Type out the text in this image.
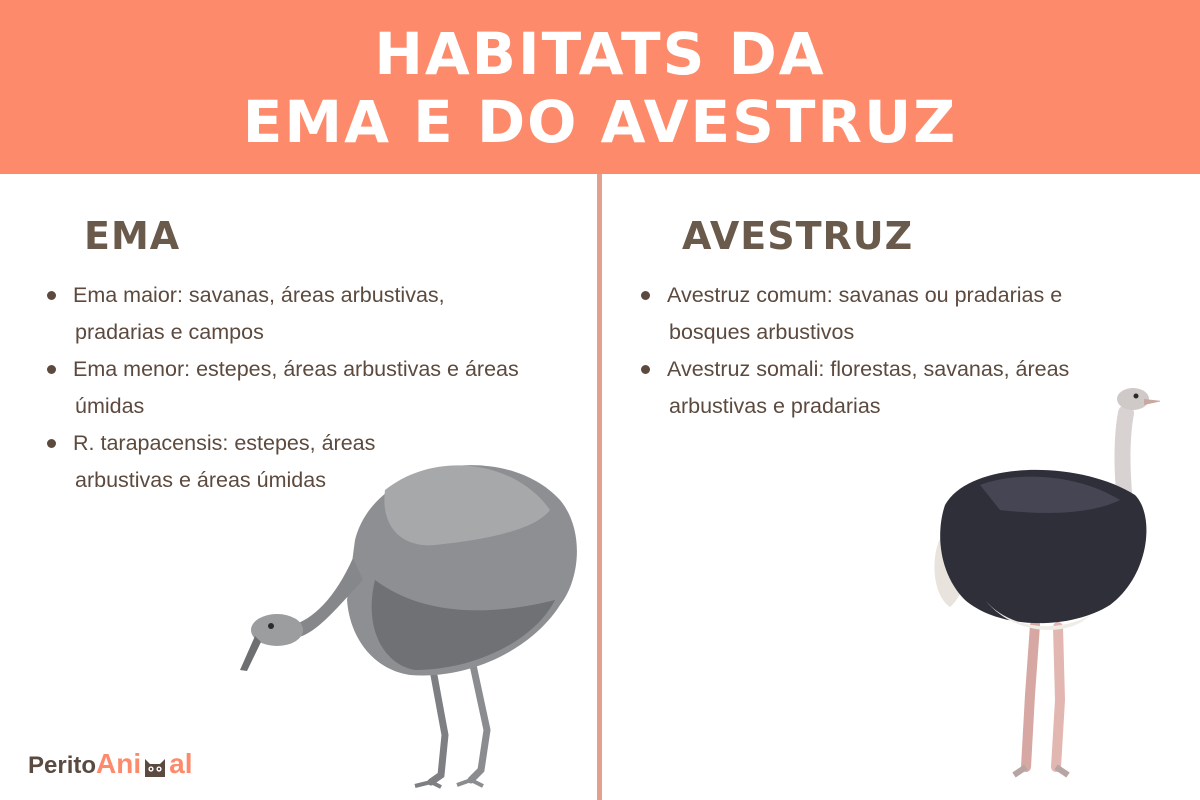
HABITATS DA
EMA E DO AVESTRUZ
EMA
Ema maior: savanas, áreas arbustivas, pradarias e campos
Ema menor: estepes, áreas arbustivas e áreas úmidas
R. tarapacensis: estepes, áreas arbustivas e áreas úmidas
AVESTRUZ
Avestruz comum: savanas ou pradarias e bosques arbustivos
Avestruz somali: florestas, savanas, áreas arbustivas e pradarias
PeritoAni al
